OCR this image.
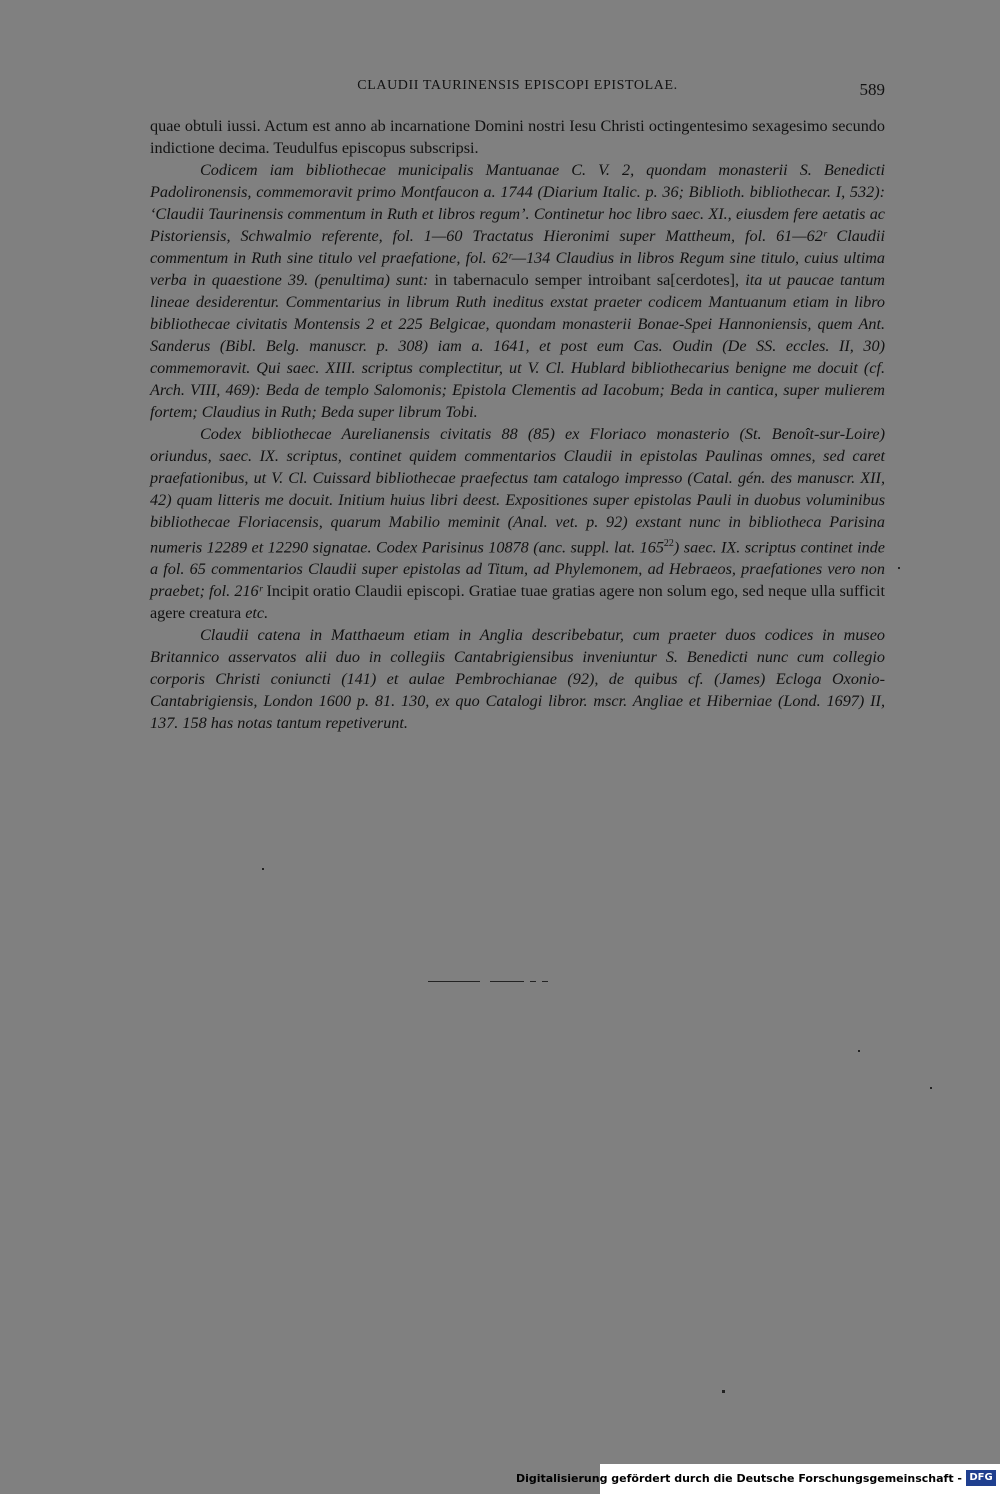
CLAUDII TAURINENSIS EPISCOPI EPISTOLAE.	589

quae obtuli iussi. Actum est anno ab incarnatione Domini nostri Iesu Christi octingentesimo sexagesimo secundo indictione decima. Teudulfus episcopus subscripsi.

Codicem iam bibliothecae municipalis Mantuanae C. V. 2, quondam monasterii S. Benedicti Padolironensis, commemoravit primo Montfaucon a. 1744 (Diarium Italic. p. 36; Biblioth. bibliothecar. I, 532): ‘Claudii Taurinensis commentum in Ruth et libros regum’. Continetur hoc libro saec. XI., eiusdem fere aetatis ac Pistoriensis, Schwalmio referente, fol. 1—60 Tractatus Hieronimi super Mattheum, fol. 61—62ʳ Claudii commentum in Ruth sine titulo vel praefatione, fol. 62ʳ—134 Claudius in libros Regum sine titulo, cuius ultima verba in quaestione 39. (penultima) sunt: in tabernaculo semper introibant sa[cerdotes], ita ut paucae tantum lineae desiderentur. Commentarius in librum Ruth ineditus exstat praeter codicem Mantuanum etiam in libro bibliothecae civitatis Montensis 2 et 225 Belgicae, quondam monasterii Bonae-Spei Hannoniensis, quem Ant. Sanderus (Bibl. Belg. manuscr. p. 308) iam a. 1641, et post eum Cas. Oudin (De SS. eccles. II, 30) commemoravit. Qui saec. XIII. scriptus complectitur, ut V. Cl. Hublard bibliothecarius benigne me docuit (cf. Arch. VIII, 469): Beda de templo Salomonis; Epistola Clementis ad Iacobum; Beda in cantica, super mulierem fortem; Claudius in Ruth; Beda super librum Tobi.

Codex bibliothecae Aurelianensis civitatis 88 (85) ex Floriaco monasterio (St. Benoît-sur-Loire) oriundus, saec. IX. scriptus, continet quidem commentarios Claudii in epistolas Paulinas omnes, sed caret praefationibus, ut V. Cl. Cuissard bibliothecae praefectus tam catalogo impresso (Catal. gén. des manuscr. XII, 42) quam litteris me docuit. Initium huius libri deest. Expositiones super epistolas Pauli in duobus voluminibus bibliothecae Floriacensis, quarum Mabilio meminit (Anal. vet. p. 92) exstant nunc in bibliotheca Parisina numeris 12289 et 12290 signatae. Codex Parisinus 10878 (anc. suppl. lat. $165^{22}$) saec. IX. scriptus continet inde a fol. 65 commentarios Claudii super epistolas ad Titum, ad Phylemonem, ad Hebraeos, praefationes vero non praebet; fol. 216ʳ Incipit oratio Claudii episcopi. Gratiae tuae gratias agere non solum ego, sed neque ulla sufficit agere creatura etc.

Claudii catena in Matthaeum etiam in Anglia describebatur, cum praeter duos codices in museo Britannico asservatos alii duo in collegiis Cantabrigiensibus inveniuntur S. Benedicti nunc cum collegio corporis Christi coniuncti (141) et aulae Pembrochianae (92), de quibus cf. (James) Ecloga Oxonio-Cantabrigiensis, London 1600 p. 81. 130, ex quo Catalogi libror. mscr. Angliae et Hiberniae (Lond. 1697) II, 137. 158 has notas tantum repetiverunt.

Digitalisierung gefördert durch die Deutsche Forschungsgemeinschaft - DFG
